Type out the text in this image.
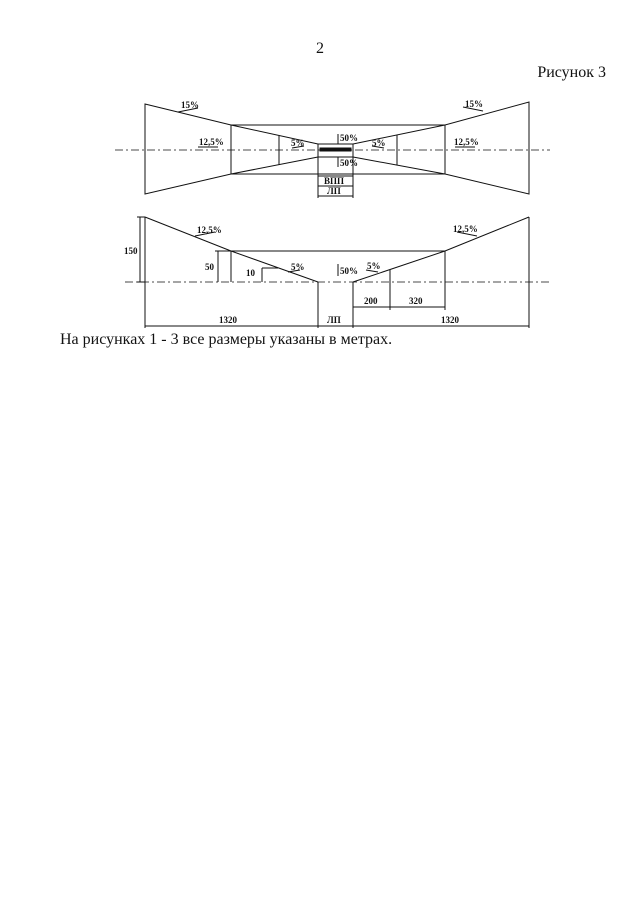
2
Рисунок 3
15%	15%
12,5%	12,5%
5%	5%
50%
50%
ВПП
ЛП
12,5%	12,5%
5%	5%
50%
150
50
10
200	320
1320	1320
ЛП
На рисунках 1 - 3 все размеры указаны в метрах.
